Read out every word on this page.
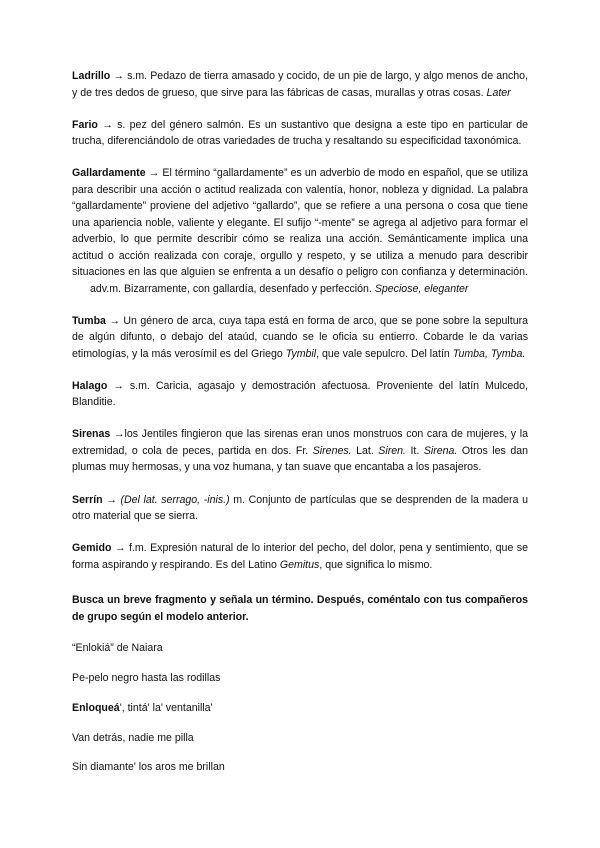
Ladrillo → s.m. Pedazo de tierra amasado y cocido, de un pie de largo, y algo menos de ancho, y de tres dedos de grueso, que sirve para las fábricas de casas, murallas y otras cosas. Later

Fario → s. pez del género salmón. Es un sustantivo que designa a este tipo en particular de trucha, diferenciándolo de otras variedades de trucha y resaltando su especificidad taxonómica.

Gallardamente → El término “gallardamente” es un adverbio de modo en español, que se utiliza para describir una acción o actitud realizada con valentía, honor, nobleza y dignidad. La palabra “gallardamente” proviene del adjetivo “gallardo”, que se refiere a una persona o cosa que tiene una apariencia noble, valiente y elegante. El sufijo “-mente” se agrega al adjetivo para formar el adverbio, lo que permite describir cómo se realiza una acción. Semánticamente implica una actitud o acción realizada con coraje, orgullo y respeto, y se utiliza a menudo para describir situaciones en las que alguien se enfrenta a un desafío o peligro con confianza y determinación.adv.m. Bizarramente, con gallardía, desenfado y perfección. Speciose, eleganter

Tumba → Un género de arca, cuya tapa está en forma de arco, que se pone sobre la sepultura de algún difunto, o debajo del ataúd, cuando se le oficia su entierro. Cobarde le da varias etimologías, y la más verosímil es del Griego Tymbil, que vale sepulcro. Del latín Tumba, Tymba.

Halago → s.m. Caricia, agasajo y demostración afectuosa. Proveniente del latín Mulcedo, Blanditie.

Sirenas →los Jentiles fingieron que las sirenas eran unos monstruos con cara de mujeres, y la extremidad, o cola de peces, partida en dos. Fr. Sirenes. Lat. Siren. It. Sirena. Otros les dan plumas muy hermosas, y una voz humana, y tan suave que encantaba a los pasajeros.

Serrín → (Del lat. serrago, -inis.) m. Conjunto de partículas que se desprenden de la madera u otro material que se sierra.

Gemido → f.m. Expresión natural de lo interior del pecho, del dolor, pena y sentimiento, que se forma aspirando y respirando. Es del Latino Gemitus, que significa lo mismo.

Busca un breve fragmento y señala un término. Después, coméntalo con tus compañeros de grupo según el modelo anterior.

“Enlokiá” de Naiara

Pe-pelo negro hasta las rodillas

Enloqueá', tintá' la' ventanilla'

Van detrás, nadie me pilla

Sin diamante' los aros me brillan
